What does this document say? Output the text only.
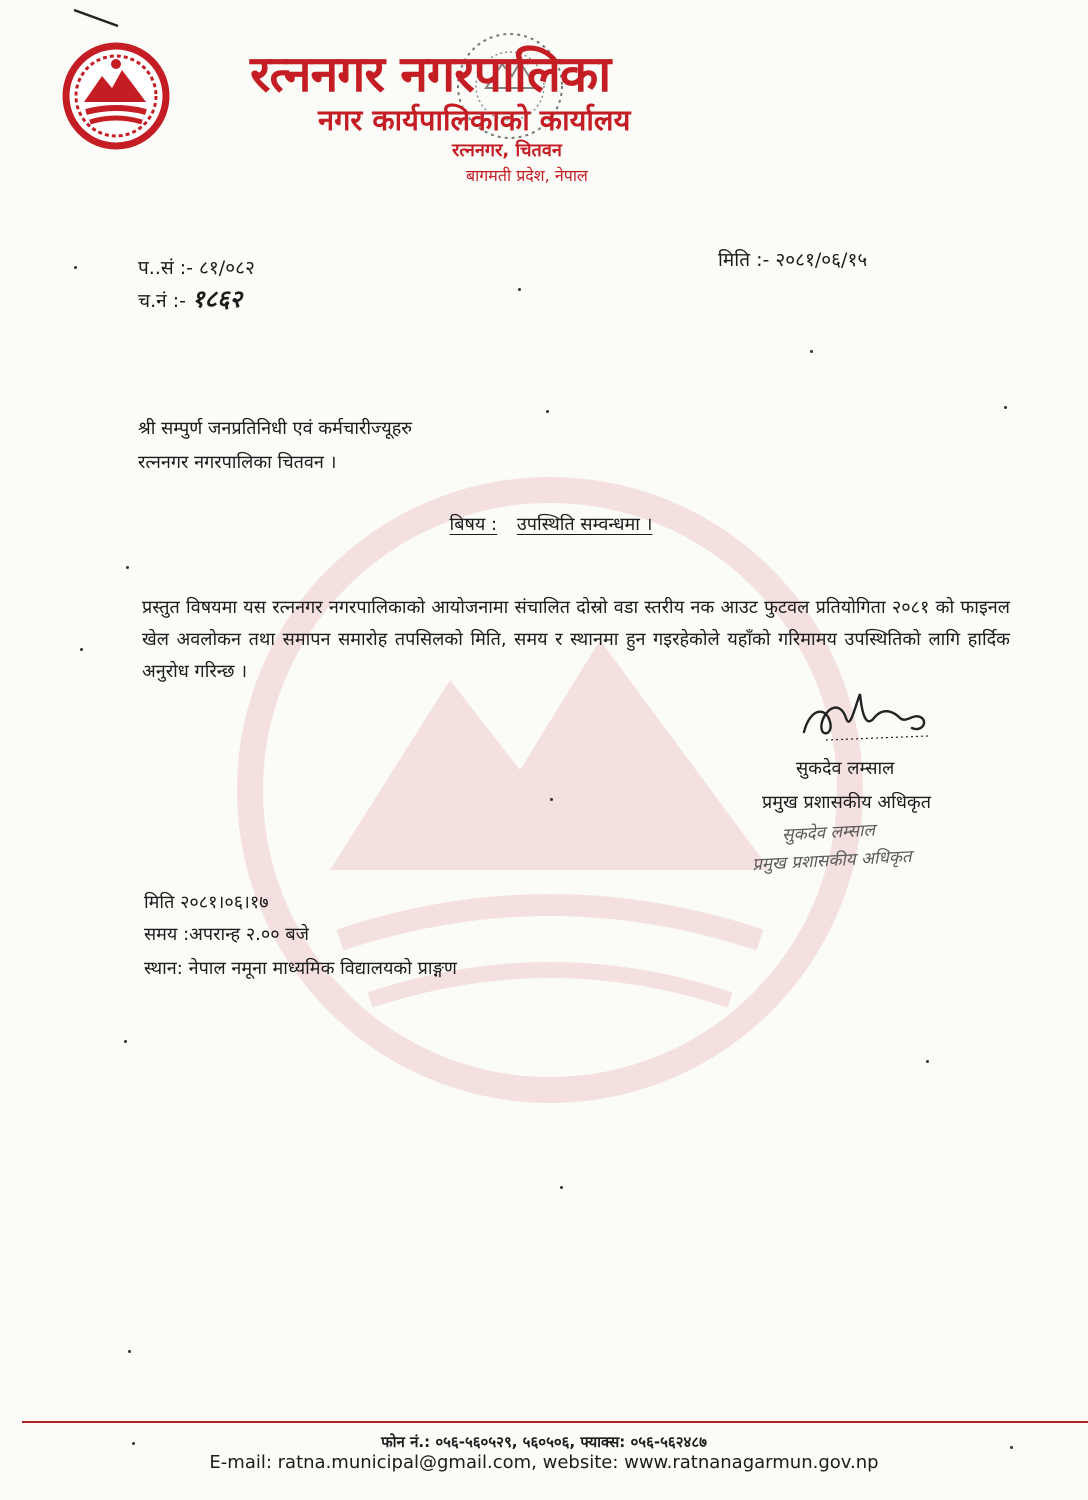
रत्ननगर नगरपालिका
नगर कार्यपालिकाको कार्यालय
रत्ननगर, चितवन
बागमती प्रदेश, नेपाल
प..सं :- ८१/०८२
च.नं :- १८६२
मिति :- २०८१/०६/१५
श्री सम्पुर्ण जनप्रतिनिधी एवं कर्मचारीज्यूहरु
रत्ननगर नगरपालिका चितवन ।
बिषय : उपस्थिति सम्वन्धमा ।
प्रस्तुत विषयमा यस रत्ननगर नगरपालिकाको आयोजनामा संचालित दोस्रो वडा स्तरीय नक आउट फुटवल प्रतियोगिता २०८१ को फाइनल खेल अवलोकन तथा समापन समारोह तपसिलको मिति, समय र स्थानमा हुन गइरहेकोले यहाँको गरिमामय उपस्थितिको लागि हार्दिक अनुरोध गरिन्छ ।
सुकदेव लम्साल
प्रमुख प्रशासकीय अधिकृत
सुकदेव लम्साल
प्रमुख प्रशासकीय अधिकृत
मिति २०८१।०६।१७
समय :अपरान्ह २.०० बजे
स्थान: नेपाल नमूना माध्यमिक विद्यालयको प्राङ्गण
फोन नं.: ०५६-५६०५२९, ५६०५०६, फ्याक्स: ०५६-५६२४८७
E-mail: ratna.municipal@gmail.com, website: www.ratnanagarmun.gov.np
